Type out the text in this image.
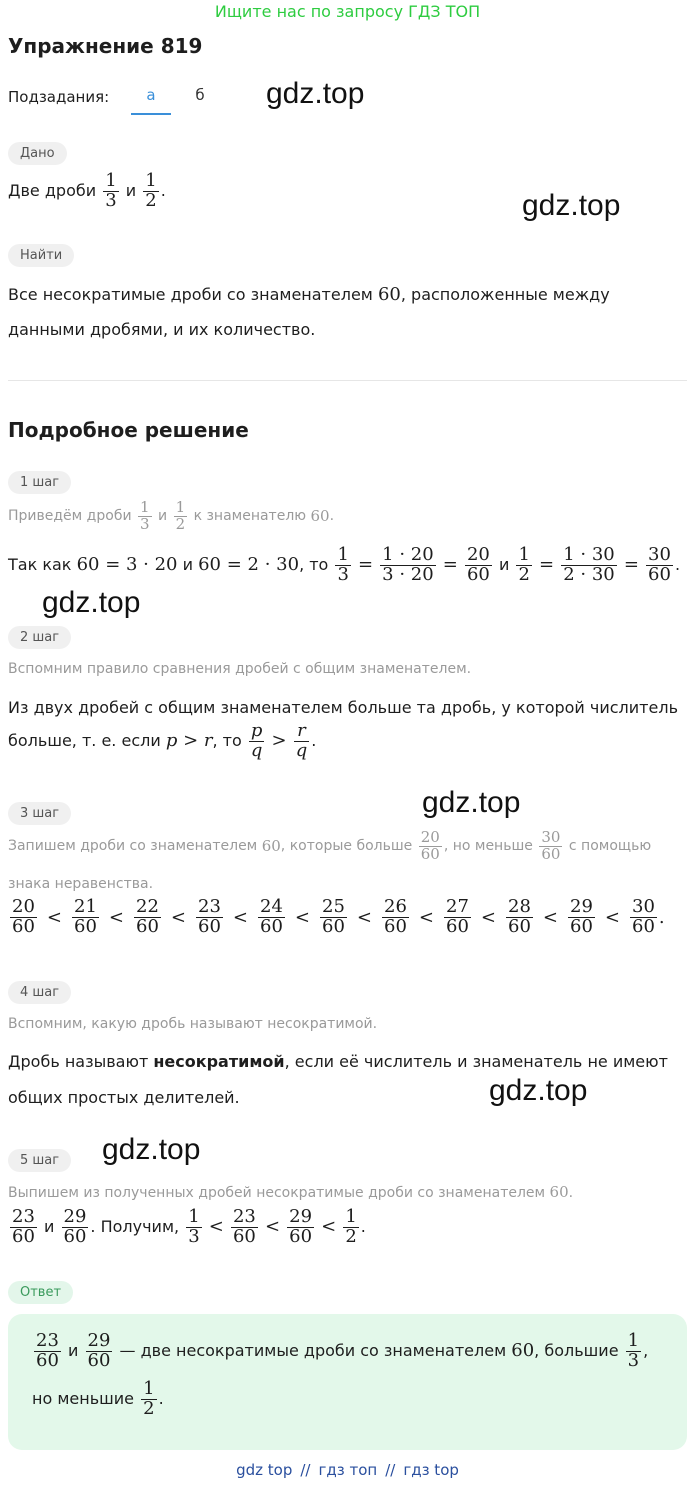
Ищите нас по запросу ГДЗ ТОП
Упражнение 819
Подзадания:	а	б	gdz.top
gdz.top
gdz.top
gdz.top
gdz.top
gdz.top
Дано
Две дроби
$\frac{1}{3}$
и
$\frac{1}{2}$ .
Найти
Все несократимые дроби со знаменателем
60 , расположенные между
данными дробями, и их количество.
Подробное решение
1 шаг
Приведём дроби
$\frac{1}{3}$
и
$\frac{1}{2}$
к знаменателю
60 .
Так как
60 = 3 · 20
и
60 = 2 · 30 , то
$\frac{1}{3}$
=
$\frac{1 \cdot 20}{3 \cdot 20}$
=
$\frac{20}{60}$
и
$\frac{1}{2}$
=
$\frac{1 \cdot 30}{2 \cdot 30}$
=
$\frac{30}{60}$ .
2 шаг
Вспомним правило сравнения дробей с общим знаменателем.
Из двух дробей с общим знаменателем больше та дробь, у которой числитель
больше, т. е. если
p > r , то
$\frac{p}{q}$
>
$\frac{r}{q}$ .
3 шаг
Запишем дроби со знаменателем
60 , которые больше
$\frac{20}{60}$ , но меньше
$\frac{30}{60}$
с помощью
знака неравенства.
$\frac{20}{60} < \frac{21}{60} < \frac{22}{60} < \frac{23}{60} < \frac{24}{60} < \frac{25}{60} < \frac{26}{60} < \frac{27}{60} < \frac{28}{60} < \frac{29}{60} < \frac{30}{60}$ .
4 шаг
Вспомним, какую дробь называют несократимой.
Дробь называют несократимой, если её числитель и знаменатель не имеют
общих простых делителей.
5 шаг
Выпишем из полученных дробей несократимые дроби со знаменателем 60.
$\frac{23}{60}$
и
$\frac{29}{60}$ . Получим,
$\frac{1}{3}$
<
$\frac{23}{60}$
<
$\frac{29}{60}$
<
$\frac{1}{2}$ .
Ответ
$\frac{23}{60}$
и
$\frac{29}{60}$
— две несократимые дроби со знаменателем
60 , большие
$\frac{1}{3}$ ,
но меньшие
$\frac{1}{2}$ .
gdz top // гдз топ // гдз top
